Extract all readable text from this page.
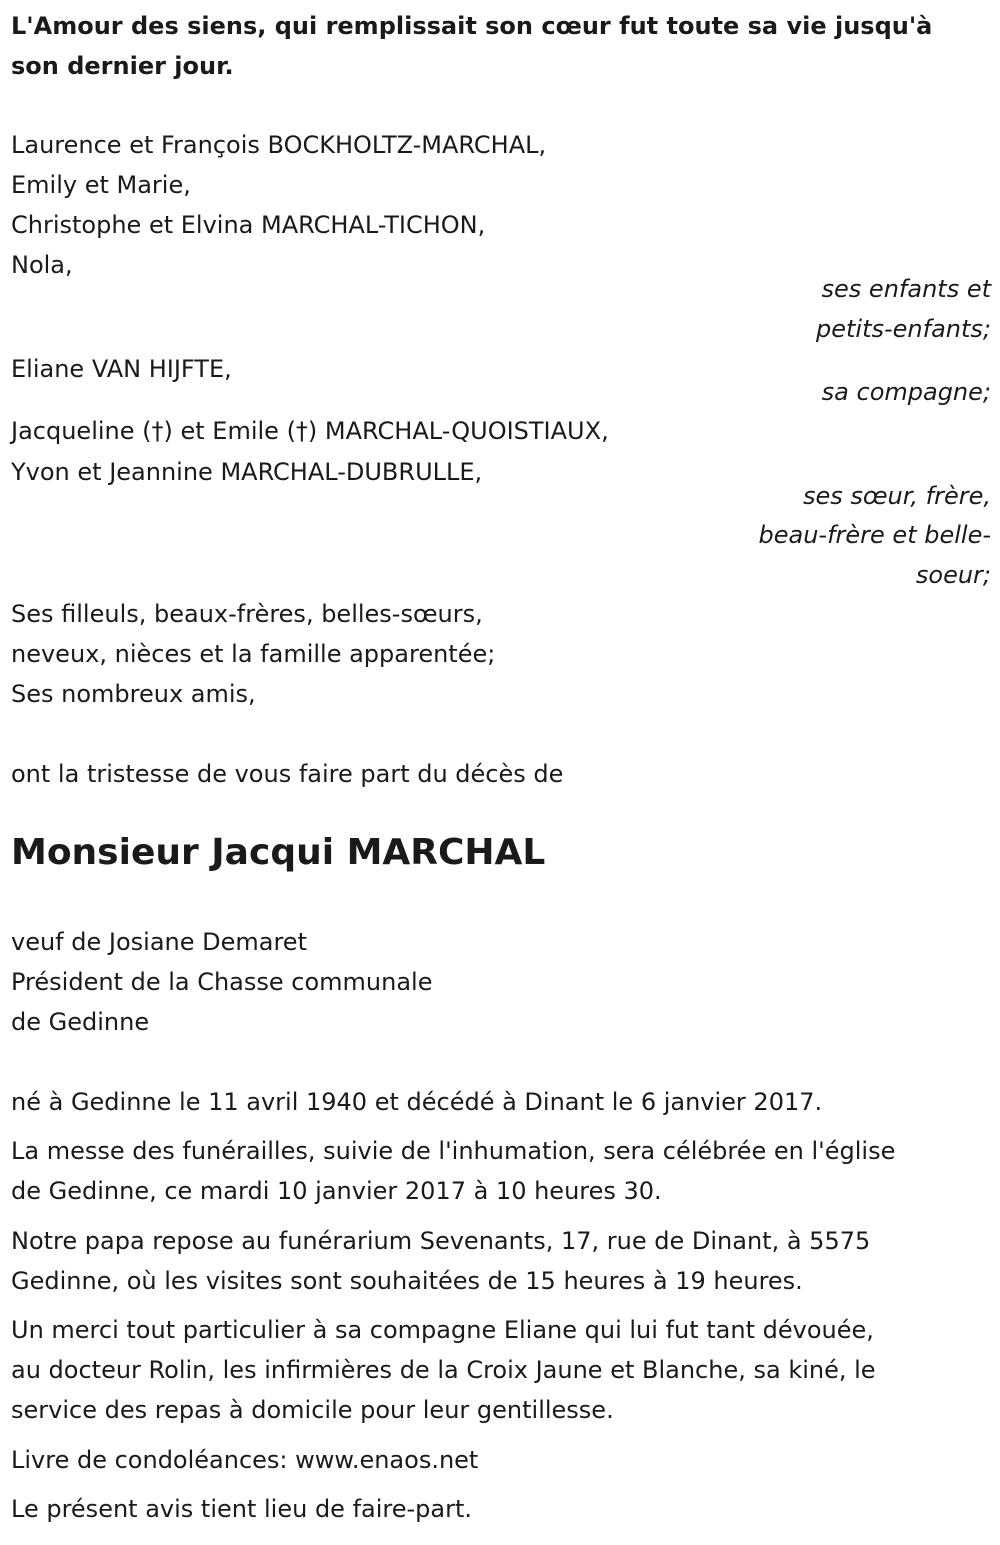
L'Amour des siens, qui remplissait son cœur fut toute sa vie jusqu'à
son dernier jour.
Laurence et François BOCKHOLTZ-MARCHAL,
Emily et Marie,
Christophe et Elvina MARCHAL-TICHON,
Nola,
ses enfants et
petits-enfants;
Eliane VAN HIJFTE,
sa compagne;
Jacqueline (†) et Emile (†) MARCHAL-QUOISTIAUX,
Yvon et Jeannine MARCHAL-DUBRULLE,
ses sœur, frère,
beau-frère et belle-
soeur;
Ses filleuls, beaux-frères, belles-sœurs,
neveux, nièces et la famille apparentée;
Ses nombreux amis,
ont la tristesse de vous faire part du décès de
Monsieur Jacqui MARCHAL
veuf de Josiane Demaret
Président de la Chasse communale
de Gedinne
né à Gedinne le 11 avril 1940 et décédé à Dinant le 6 janvier 2017.
La messe des funérailles, suivie de l'inhumation, sera célébrée en l'église
de Gedinne, ce mardi 10 janvier 2017 à 10 heures 30.
Notre papa repose au funérarium Sevenants, 17, rue de Dinant, à 5575
Gedinne, où les visites sont souhaitées de 15 heures à 19 heures.
Un merci tout particulier à sa compagne Eliane qui lui fut tant dévouée,
au docteur Rolin, les infirmières de la Croix Jaune et Blanche, sa kiné, le
service des repas à domicile pour leur gentillesse.
Livre de condoléances: www.enaos.net
Le présent avis tient lieu de faire-part.
